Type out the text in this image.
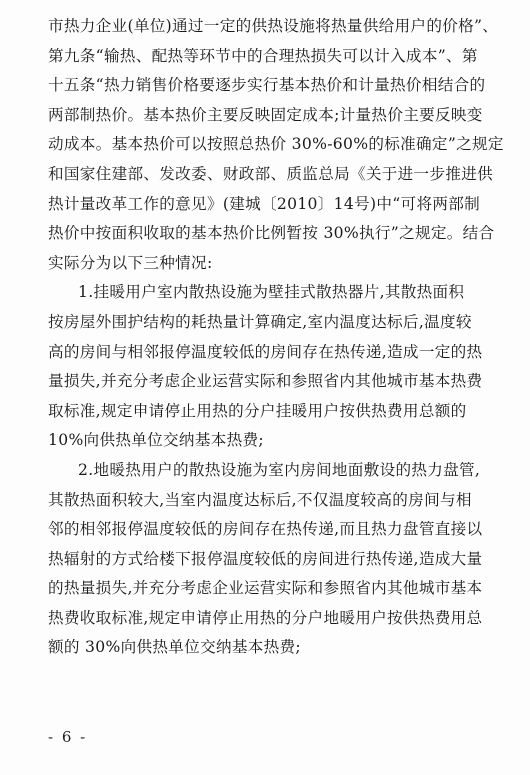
市热力企业(单位)通过一定的供热设施将热量供给用户的价格”、
第九条“输热、配热等环节中的合理热损失可以计入成本”、第
十五条“热力销售价格要逐步实行基本热价和计量热价相结合的
两部制热价。基本热价主要反映固定成本;计量热价主要反映变
动成本。基本热价可以按照总热价 30%-60%的标准确定”之规定
和国家住建部、发改委、财政部、质监总局《关于进一步推进供
热计量改革工作的意见》(建城〔2010〕14号)中“可将两部制
热价中按面积收取的基本热价比例暂按 30%执行”之规定。结合
实际分为以下三种情况:
1.挂暖用户室内散热设施为壁挂式散热器片,其散热面积
按房屋外围护结构的耗热量计算确定,室内温度达标后,温度较
高的房间与相邻报停温度较低的房间存在热传递,造成一定的热
量损失,并充分考虑企业运营实际和参照省内其他城市基本热费
取标准,规定申请停止用热的分户挂暖用户按供热费用总额的
10%向供热单位交纳基本热费;
2.地暖热用户的散热设施为室内房间地面敷设的热力盘管,
其散热面积较大,当室内温度达标后,不仅温度较高的房间与相
邻的相邻报停温度较低的房间存在热传递,而且热力盘管直接以
热辐射的方式给楼下报停温度较低的房间进行热传递,造成大量
的热量损失,并充分考虑企业运营实际和参照省内其他城市基本
热费收取标准,规定申请停止用热的分户地暖用户按供热费用总
额的 30%向供热单位交纳基本热费;
- 6 -
